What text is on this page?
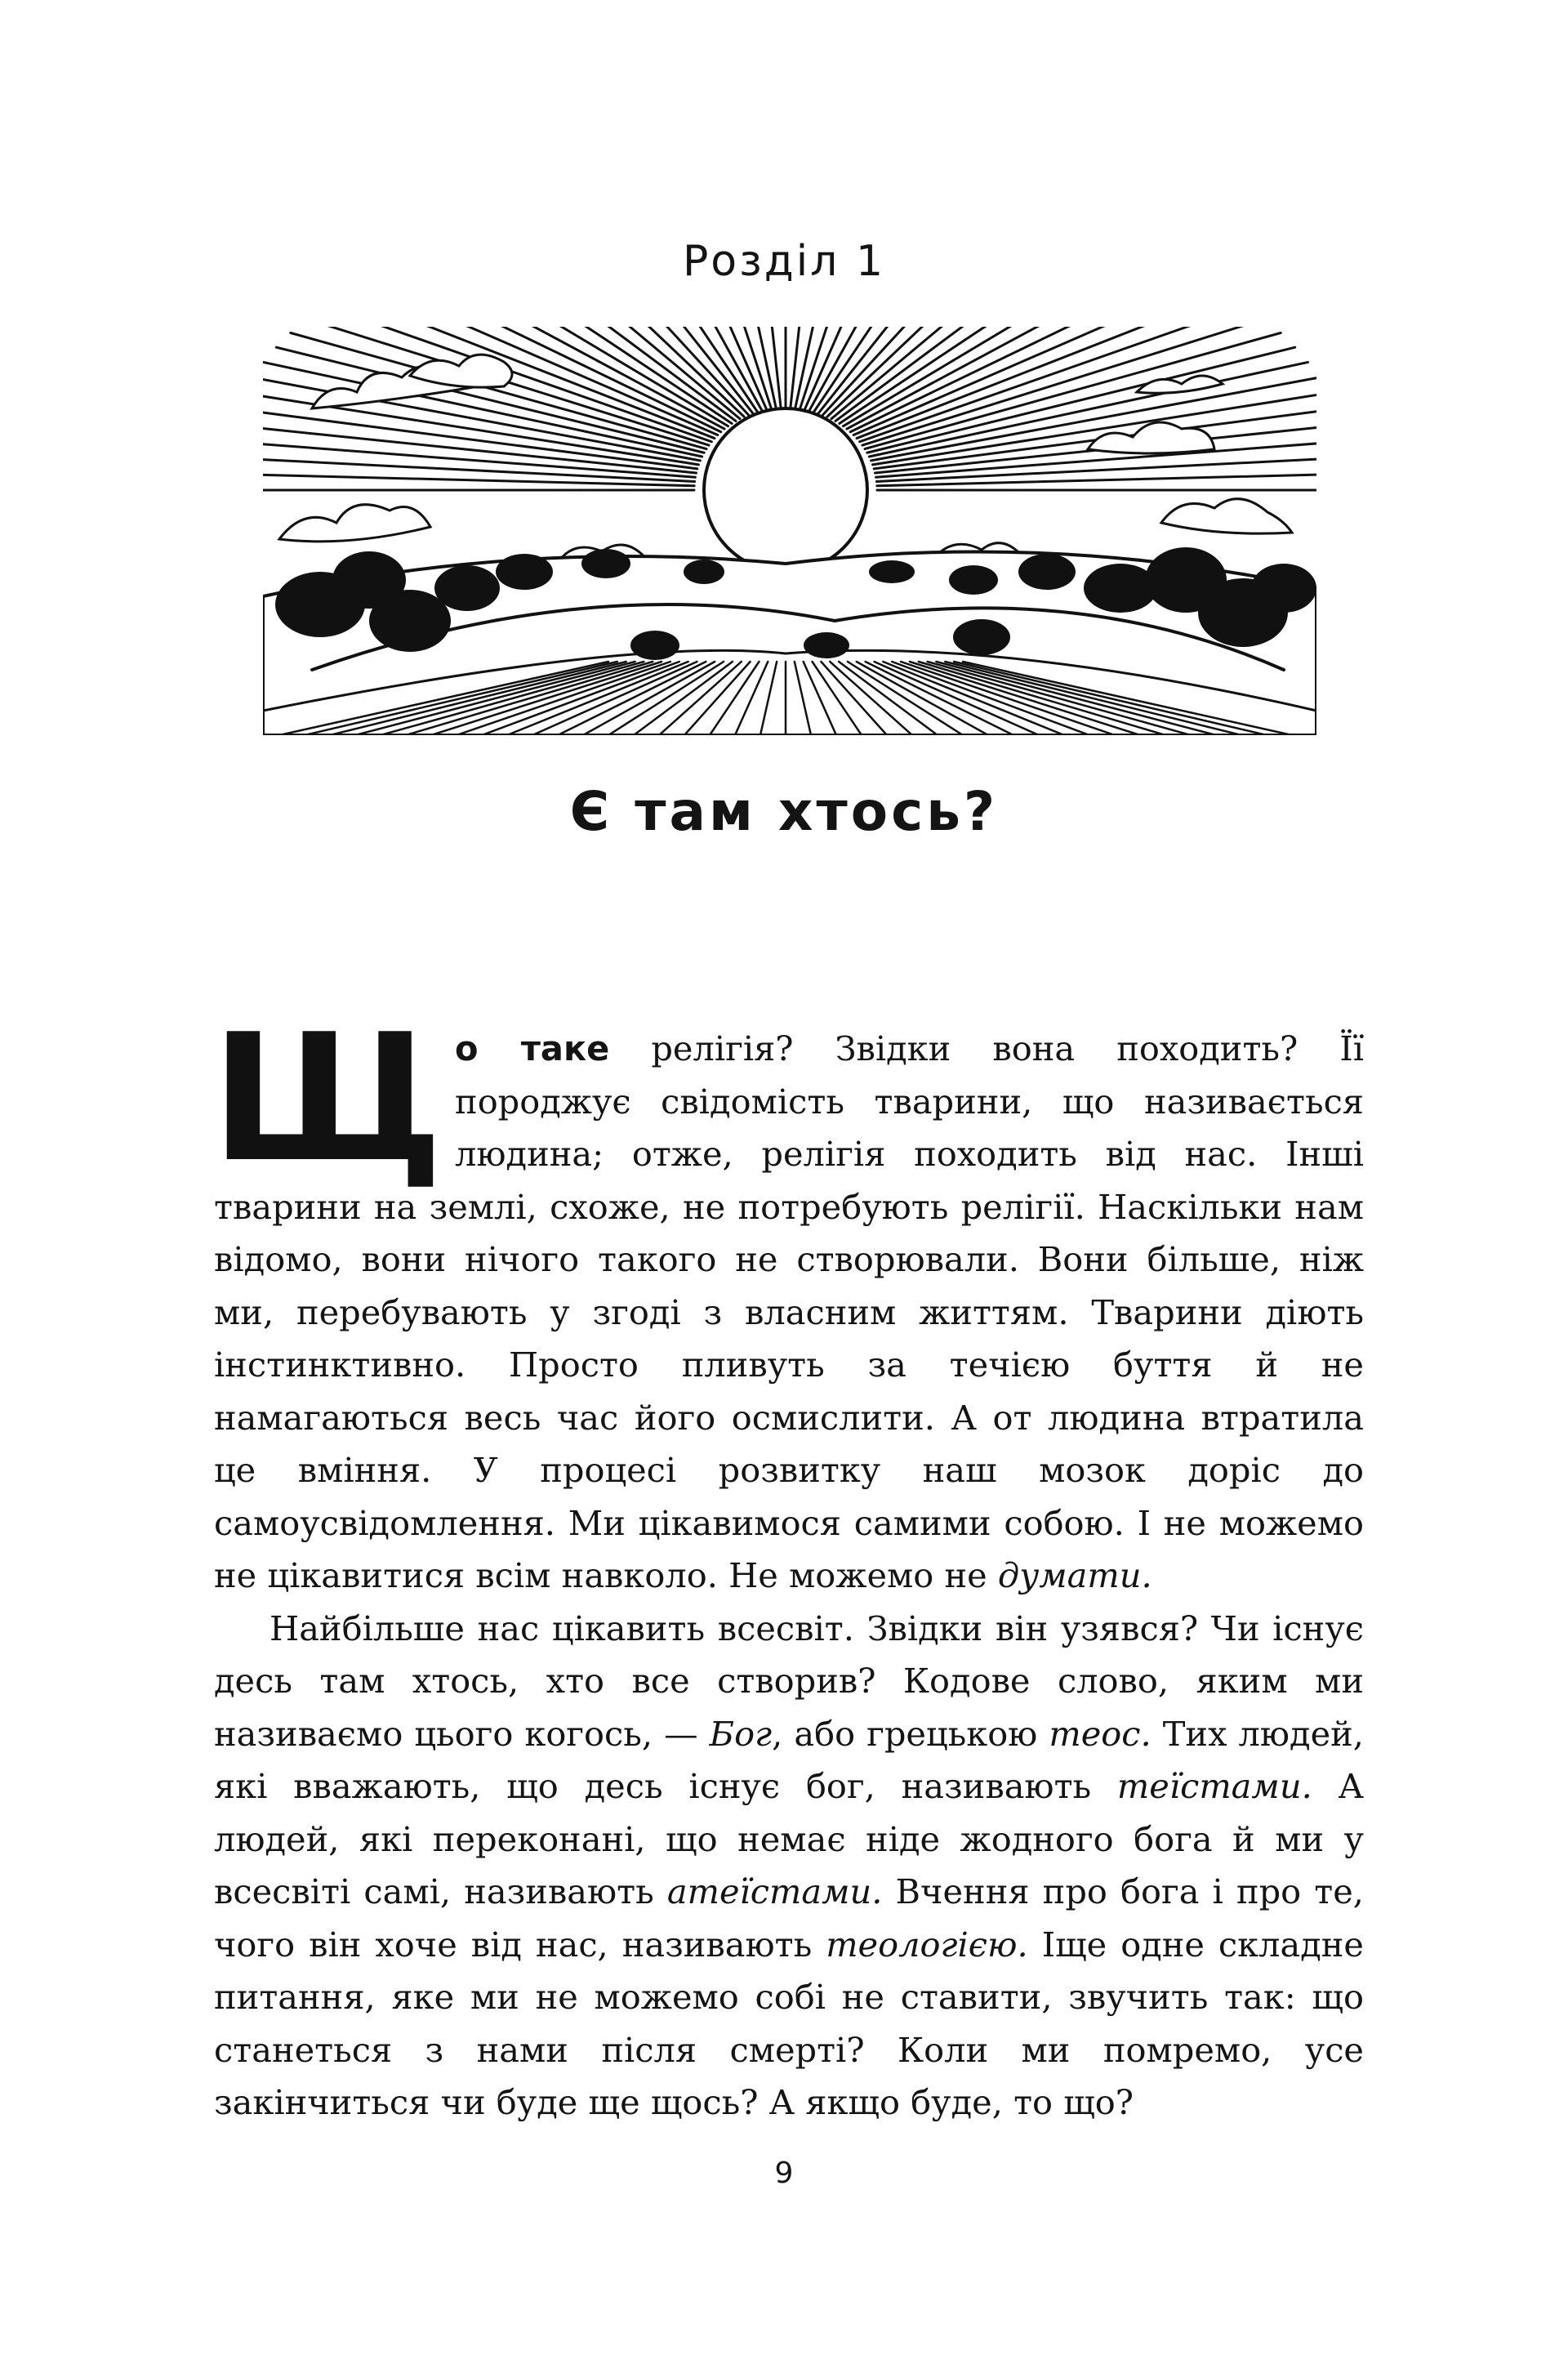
Розділ 1
Є там хтось?

Що таке релігія? Звідки вона походить? Її породжує свідомість тварини, що називається людина; отже, релігія походить від нас. Інші тварини на землі, схоже, не потребують релігії. Наскільки нам відомо, вони нічого такого не створювали. Вони більше, ніж ми, перебувають у згоді з власним життям. Тварини діють інстинктивно. Просто пливуть за течією буття й не намагаються весь час його осмислити. А от людина втратила це вміння. У процесі розвитку наш мозок доріс до самоусвідомлення. Ми цікавимося самими собою. І не можемо не цікавитися всім навколо. Не можемо не думати.

Найбільше нас цікавить всесвіт. Звідки він узявся? Чи існує десь там хтось, хто все створив? Кодове слово, яким ми називаємо цього когось, — Бог, або грецькою теос. Тих людей, які вважають, що десь існує бог, називають теїстами. А людей, які переконані, що немає ніде жодного бога й ми у всесвіті самі, називають атеїстами. Вчення про бога і про те, чого він хоче від нас, називають теологією. Іще одне складне питання, яке ми не можемо собі не ставити, звучить так: що станеться з нами після смерті? Коли ми помремо, усе закінчиться чи буде ще щось? А якщо буде, то що?

9
